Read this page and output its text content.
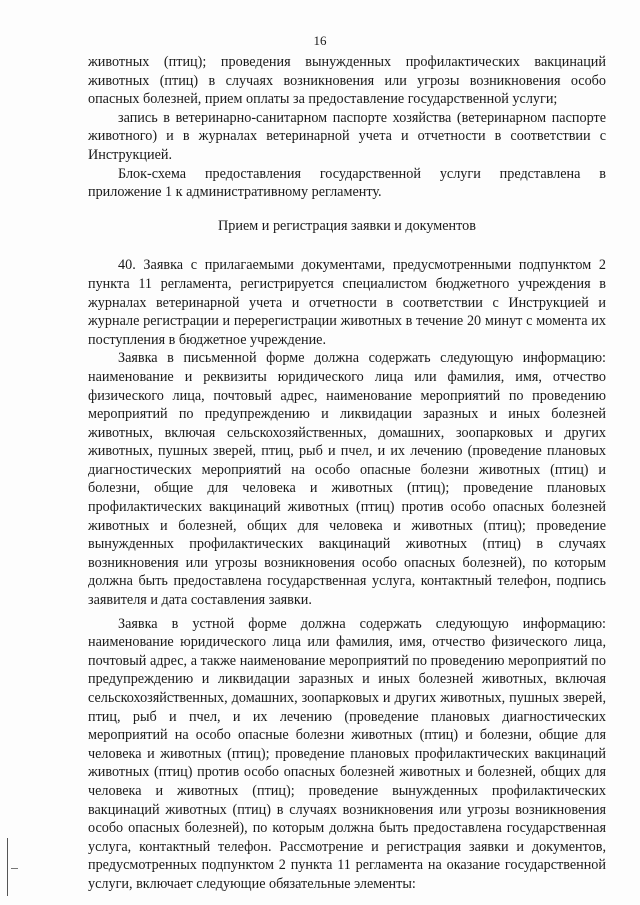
16

животных (птиц); проведения вынужденных профилактических вакцинаций животных (птиц) в случаях возникновения или угрозы возникновения особо опасных болезней, прием оплаты за предоставление государственной услуги;

запись в ветеринарно-санитарном паспорте хозяйства (ветеринарном паспорте животного) и в журналах ветеринарной учета и отчетности в соответствии с Инструкцией.

Блок-схема предоставления государственной услуги представлена в приложение 1 к административному регламенту.

Прием и регистрация заявки и документов

40. Заявка с прилагаемыми документами, предусмотренными подпунктом 2 пункта 11 регламента, регистрируется специалистом бюджетного учреждения в журналах ветеринарной учета и отчетности в соответствии с Инструкцией и журнале регистрации и перерегистрации животных в течение 20 минут с момента их поступления в бюджетное учреждение.

Заявка в письменной форме должна содержать следующую информацию: наименование и реквизиты юридического лица или фамилия, имя, отчество физического лица, почтовый адрес, наименование мероприятий по проведению мероприятий по предупреждению и ликвидации заразных и иных болезней животных, включая сельскохозяйственных, домашних, зоопарковых и других животных, пушных зверей, птиц, рыб и пчел, и их лечению (проведение плановых диагностических мероприятий на особо опасные болезни животных (птиц) и болезни, общие для человека и животных (птиц); проведение плановых профилактических вакцинаций животных (птиц) против особо опасных болезней животных и болезней, общих для человека и животных (птиц); проведение вынужденных профилактических вакцинаций животных (птиц) в случаях возникновения или угрозы возникновения особо опасных болезней), по которым должна быть предоставлена государственная услуга, контактный телефон, подпись заявителя и дата составления заявки.

Заявка в устной форме должна содержать следующую информацию: наименование юридического лица или фамилия, имя, отчество физического лица, почтовый адрес, а также наименование мероприятий по проведению мероприятий по предупреждению и ликвидации заразных и иных болезней животных, включая сельскохозяйственных, домашних, зоопарковых и других животных, пушных зверей, птиц, рыб и пчел, и их лечению (проведение плановых диагностических мероприятий на особо опасные болезни животных (птиц) и болезни, общие для человека и животных (птиц); проведение плановых профилактических вакцинаций животных (птиц) против особо опасных болезней животных и болезней, общих для человека и животных (птиц); проведение вынужденных профилактических вакцинаций животных (птиц) в случаях возникновения или угрозы возникновения особо опасных болезней), по которым должна быть предоставлена государственная услуга, контактный телефон. Рассмотрение и регистрация заявки и документов, предусмотренных подпунктом 2 пункта 11 регламента на оказание государственной услуги, включает следующие обязательные элементы:
